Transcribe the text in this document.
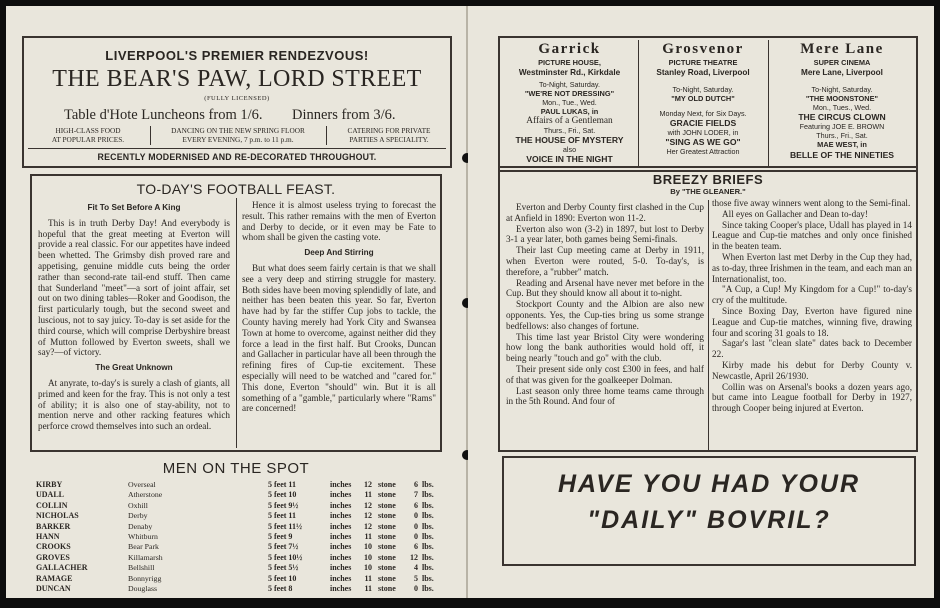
LIVERPOOL'S PREMIER RENDEZVOUS!
THE BEAR'S PAW, LORD STREET
(FULLY LICENSED)
Table d'Hote Luncheons from 1/6. Dinners from 3/6.
HIGH-CLASS FOOD
AT POPULAR PRICES.
DANCING ON THE NEW SPRING FLOOR
EVERY EVENING, 7 p.m. to 11 p.m.
CATERING FOR PRIVATE
PARTIES A SPECIALITY.
RECENTLY MODERNISED AND RE-DECORATED THROUGHOUT.
TO-DAY'S FOOTBALL FEAST.
Fit To Set Before A King

This is in truth Derby Day! And everybody is hopeful that the great meeting at Everton will provide a real classic. For our appetites have indeed been whetted. The Grimsby dish proved rare and appetising, genuine middle cuts being the order rather than second-rate tail-end stuff. Then came that Sunderland "meet"—a sort of joint affair, set out on two dining tables—Roker and Goodison, the first particularly tough, but the second sweet and luscious, not to say juicy. To-day is set aside for the third course, which will comprise Derbyshire breast of Mutton followed by Everton sweets, shall we say?—of victory.

The Great Unknown

At anyrate, to-day's is surely a clash of giants, all primed and keen for the fray. This is not only a test of ability; it is also one of stay-ability, not to mention nerve and other racking features which perforce crowd themselves into such an ordeal.

Hence it is almost useless trying to forecast the result. This rather remains with the men of Everton and Derby to decide, or it even may be Fate to whom shall be given the casting vote.

Deep And Stirring

But what does seem fairly certain is that we shall see a very deep and stirring struggle for mastery. Both sides have been moving splendidly of late, and neither has been beaten this year. So far, Everton have had by far the stiffer Cup jobs to tackle, the County having merely had York City and Swansea Town at home to overcome, against neither did they force a lead in the first half. But Crooks, Duncan and Gallacher in particular have all been through the refining fires of Cup-tie excitement. These especially will need to be watched and "cared for." This done, Everton "should" win. But it is all something of a "gamble," particularly where "Rams" are concerned!

MEN ON THE SPOT
KIRBY	Overseal	5 feet 11	inches	12 stone	6 lbs.
UDALL	Atherstone	5 feet 10	inches	11 stone	7 lbs.
COLLIN	Oxhill	5 feet 9½	inches	12 stone	6 lbs.
NICHOLAS	Derby	5 feet 11	inches	12 stone	0 lbs.
BARKER	Denaby	5 feet 11½	inches	12 stone	0 lbs.
HANN	Whitburn	5 feet 9	inches	11 stone	0 lbs.
CROOKS	Bear Park	5 feet 7½	inches	10 stone	6 lbs.
GROVES	Killamarsh	5 feet 10½	inches	10 stone	12 lbs.
GALLACHER	Bellshill	5 feet 5½	inches	10 stone	4 lbs.
RAMAGE	Bonnyrigg	5 feet 10	inches	11 stone	5 lbs.
DUNCAN	Douglass	5 feet 8	inches	11 stone	0 lbs.
Garrick
PICTURE HOUSE,
Westminster Rd., Kirkdale
To-Night, Saturday.
"WE'RE NOT DRESSING"
Mon., Tue., Wed.
PAUL LUKAS, in
Affairs of a Gentleman
Thurs., Fri., Sat.
THE HOUSE OF MYSTERY
also
VOICE IN THE NIGHT
Grosvenor
PICTURE THEATRE
Stanley Road, Liverpool
To-Night, Saturday.
"MY OLD DUTCH"
Monday Next, for Six Days.
GRACIE FIELDS
with JOHN LODER, in
"SING AS WE GO"
Her Greatest Attraction
Mere Lane
SUPER CINEMA
Mere Lane, Liverpool
To-Night, Saturday.
"THE MOONSTONE"
Mon., Tues., Wed.
THE CIRCUS CLOWN
Featuring JOE E. BROWN
Thurs., Fri., Sat.
MAE WEST, in
BELLE OF THE NINETIES
BREEZY BRIEFS
By "THE GLEANER."

Everton and Derby County first clashed in the Cup at Anfield in 1890: Everton won 11-2.

Everton also won (3-2) in 1897, but lost to Derby 3-1 a year later, both games being Semi-finals.

Their last Cup meeting came at Derby in 1911, when Everton were routed, 5-0. To-day's, is therefore, a "rubber" match.

Reading and Arsenal have never met before in the Cup. But they should know all about it to-night.

Stockport County and the Albion are also new opponents. Yes, the Cup-ties bring us some strange bedfellows: also changes of fortune.

This time last year Bristol City were wondering how long the bank authorities would hold off, it being nearly "touch and go" with the club.

Their present side only cost £300 in fees, and half of that was given for the goalkeeper Dolman.

Last season only three home teams came through in the 5th Round. And four of

those five away winners went along to the Semi-final.

All eyes on Gallacher and Dean to-day!

Since taking Cooper's place, Udall has played in 14 League and Cup-tie matches and only once finished in the beaten team.

When Everton last met Derby in the Cup they had, as to-day, three Irishmen in the team, and each man an Internationalist, too.

"A Cup, a Cup! My Kingdom for a Cup!" to-day's cry of the multitude.

Since Boxing Day, Everton have figured nine League and Cup-tie matches, winning five, drawing four and scoring 31 goals to 18.

Sagar's last "clean slate" dates back to December 22.

Kirby made his debut for Derby County v. Newcastle, April 26/1930.

Collin was on Arsenal's books a dozen years ago, but came into League football for Derby in 1927, through Cooper being injured at Everton.

HAVE YOU HAD YOUR
"DAILY" BOVRIL?
